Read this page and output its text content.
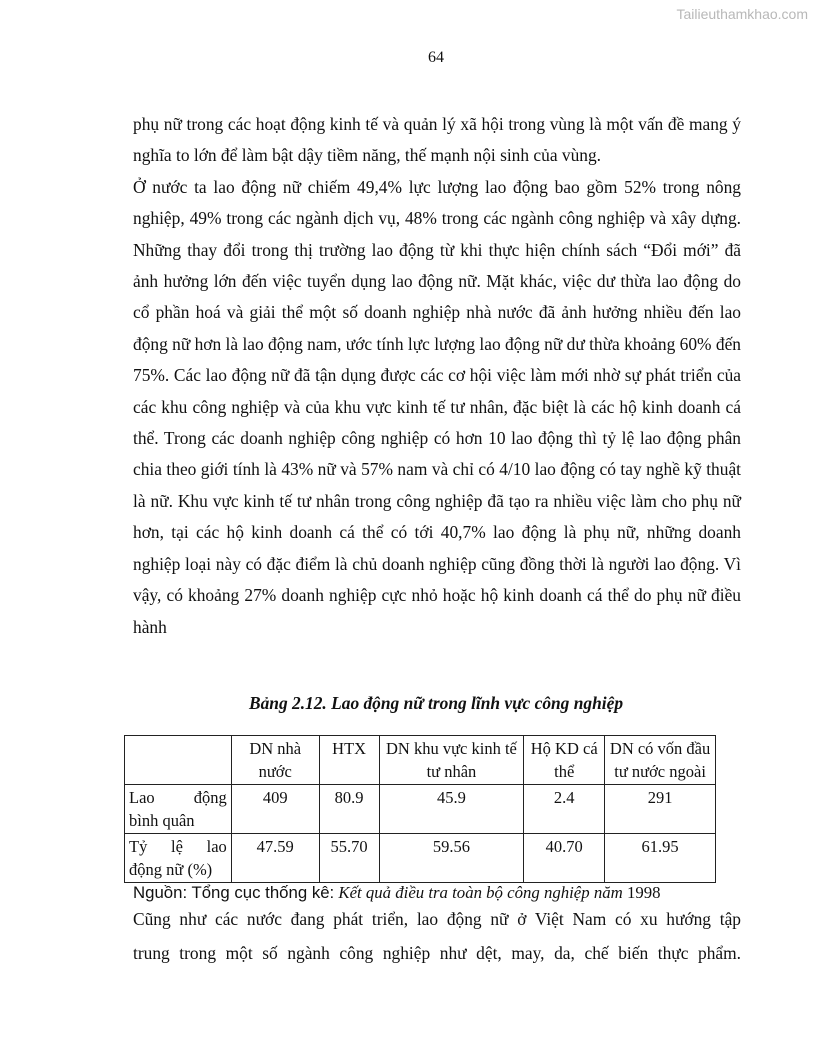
Tailieuthamkhao.com
64

phụ nữ trong các hoạt động kinh tế và quản lý xã hội trong vùng là một vấn đề mang ý nghĩa to lớn để làm bật dậy tiềm năng, thế mạnh nội sinh của vùng.

Ở nước ta lao động nữ chiếm 49,4% lực lượng lao động bao gồm 52% trong nông nghiệp, 49% trong các ngành dịch vụ, 48% trong các ngành công nghiệp và xây dựng. Những thay đổi trong thị trường lao động từ khi thực hiện chính sách “Đổi mới” đã ảnh hưởng lớn đến việc tuyển dụng lao động nữ. Mặt khác, việc dư thừa lao động do cổ phần hoá và giải thể một số doanh nghiệp nhà nước đã ảnh hưởng nhiều đến lao động nữ hơn là lao động nam, ước tính lực lượng lao động nữ dư thừa khoảng 60% đến 75%. Các lao động nữ đã tận dụng được các cơ hội việc làm mới nhờ sự phát triển của các khu công nghiệp và của khu vực kinh tế tư nhân, đặc biệt là các hộ kinh doanh cá thể. Trong các doanh nghiệp công nghiệp có hơn 10 lao động thì tỷ lệ lao động phân chia theo giới tính là 43% nữ và 57% nam và chỉ có 4/10 lao động có tay nghề kỹ thuật là nữ. Khu vực kinh tế tư nhân trong công nghiệp đã tạo ra nhiều việc làm cho phụ nữ hơn, tại các hộ kinh doanh cá thể có tới 40,7% lao động là phụ nữ, những doanh nghiệp loại này có đặc điểm là chủ doanh nghiệp cũng đồng thời là người lao động. Vì vậy, có khoảng 27% doanh nghiệp cực nhỏ hoặc hộ kinh doanh cá thể do phụ nữ điều hành

Bảng 2.12. Lao động nữ trong lĩnh vực công nghiệp
	DN nhà nước	HTX	DN khu vực kinh tế tư nhân	Hộ KD cá thể	DN có vốn đầu tư nước ngoài
Lao động
bình quân	409	80.9	45.9	2.4	291
Tỷ lệ lao
động nữ (%)	47.59	55.70	59.56	40.70	61.95
Nguồn: Tổng cục thống kê: Kết quả điều tra toàn bộ công nghiệp năm 1998

Cũng như các nước đang phát triển, lao động nữ ở Việt Nam có xu hướng tập

trung trong một số ngành công nghiệp như dệt, may, da, chế biến thực phẩm.
